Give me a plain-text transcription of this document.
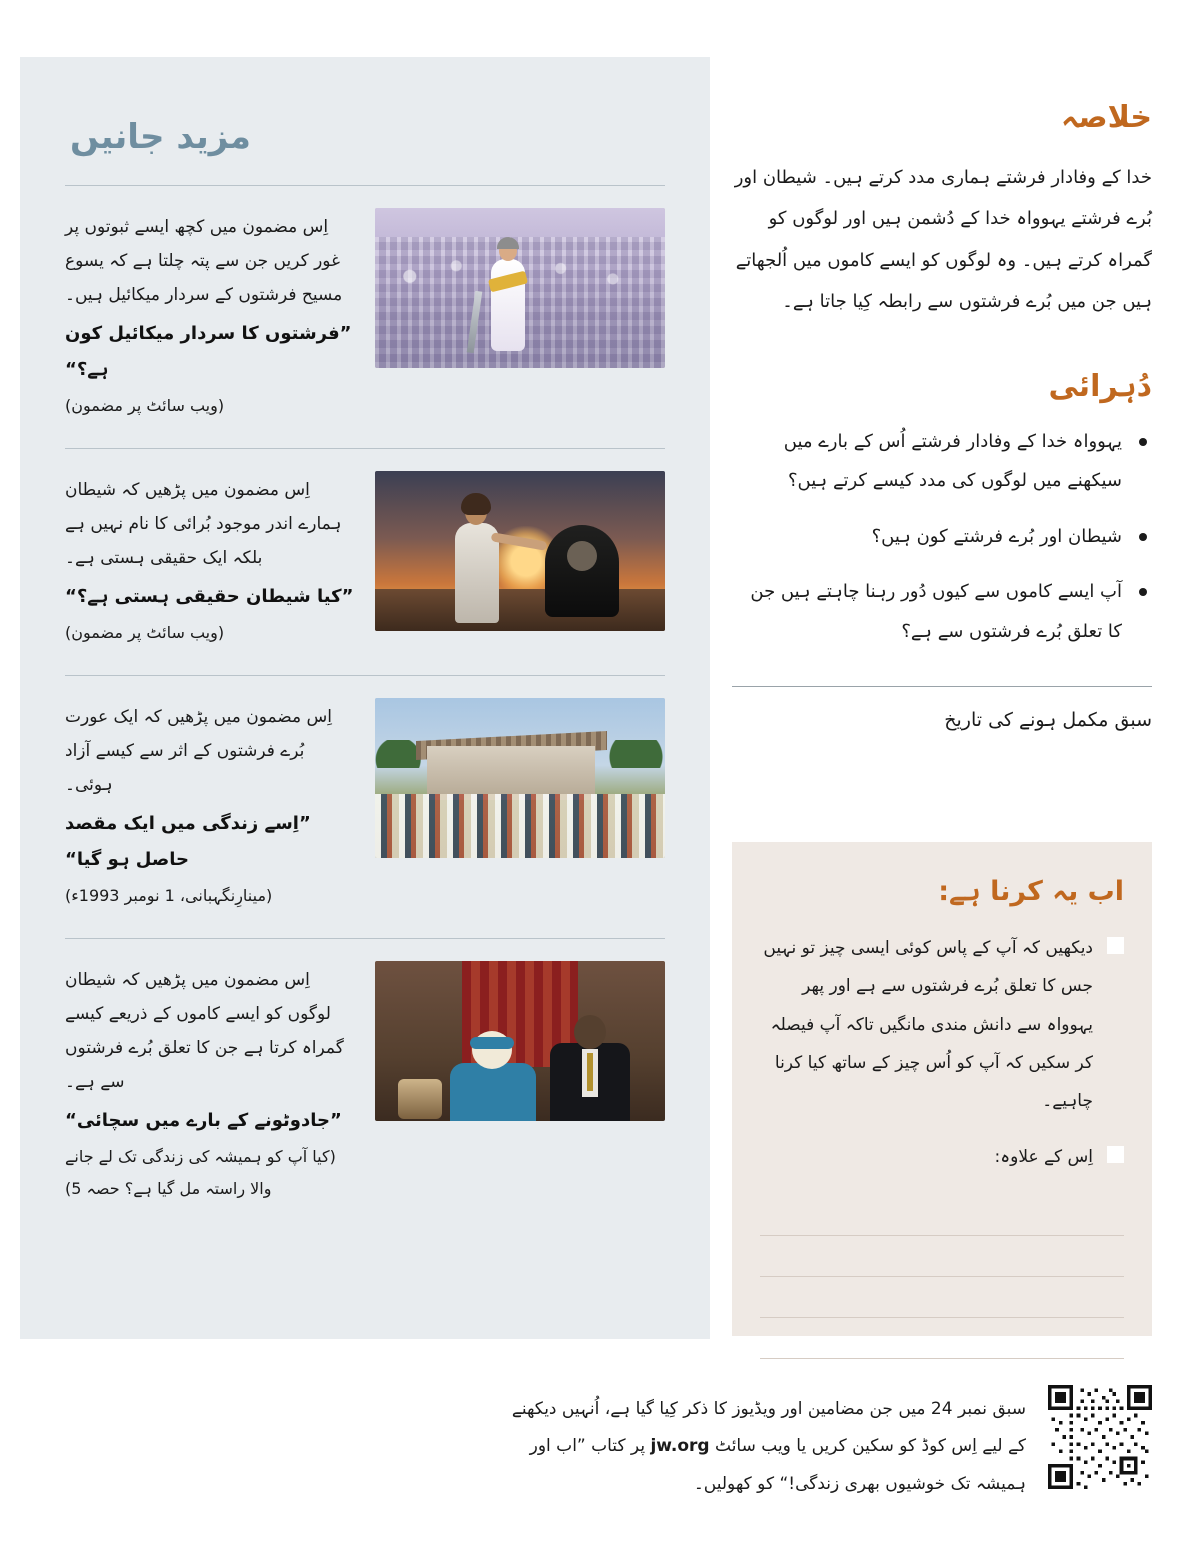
مزید جانیں
اِس مضمون میں کچھ ایسے ثبوتوں پر غور کریں جن سے پتہ چلتا ہے کہ یسوع مسیح فرشتوں کے سردار میکائیل ہیں۔
”فرشتوں کا سردار میکائیل کون ہے؟“
(ویب سائٹ پر مضمون)
اِس مضمون میں پڑھیں کہ شیطان ہمارے اندر موجود بُرائی کا نام نہیں ہے بلکہ ایک حقیقی ہستی ہے۔
”کیا شیطان حقیقی ہستی ہے؟“
(ویب سائٹ پر مضمون)
اِس مضمون میں پڑھیں کہ ایک عورت بُرے فرشتوں کے اثر سے کیسے آزاد ہوئی۔
”اِسے زندگی میں ایک مقصد حاصل ہو گیا“
(مینارِنگہبانی، 1 نومبر 1993ء)
اِس مضمون میں پڑھیں کہ شیطان لوگوں کو ایسے کاموں کے ذریعے کیسے گمراہ کرتا ہے جن کا تعلق بُرے فرشتوں سے ہے۔
”جادوٹونے کے بارے میں سچائی“
(کیا آپ کو ہمیشہ کی زندگی تک لے جانے والا راستہ مل گیا ہے؟ حصہ 5)
خلاصہ
خدا کے وفادار فرشتے ہماری مدد کرتے ہیں۔ شیطان اور بُرے فرشتے یہوواہ خدا کے دُشمن ہیں اور لوگوں کو گمراہ کرتے ہیں۔ وہ لوگوں کو ایسے کاموں میں اُلجھاتے ہیں جن میں بُرے فرشتوں سے رابطہ کِیا جاتا ہے۔
دُہرائی
یہوواہ خدا کے وفادار فرشتے اُس کے بارے میں سیکھنے میں لوگوں کی مدد کیسے کرتے ہیں؟
شیطان اور بُرے فرشتے کون ہیں؟
آپ ایسے کاموں سے کیوں دُور رہنا چاہتے ہیں جن کا تعلق بُرے فرشتوں سے ہے؟
سبق مکمل ہونے کی تاریخ
اب یہ کرنا ہے:
دیکھیں کہ آپ کے پاس کوئی ایسی چیز تو نہیں جس کا تعلق بُرے فرشتوں سے ہے اور پھر یہوواہ سے دانش مندی مانگیں تاکہ آپ فیصلہ کر سکیں کہ آپ کو اُس چیز کے ساتھ کیا کرنا چاہیے۔
اِس کے علاوہ:
سبق نمبر 24 میں جن مضامین اور ویڈیوز کا ذکر کِیا گیا ہے، اُنہیں دیکھنے کے لیے اِس کوڈ کو سکین کریں یا ویب سائٹ jw.org پر کتاب ”اب اور ہمیشہ تک خوشیوں بھری زندگی!“ کو کھولیں۔
